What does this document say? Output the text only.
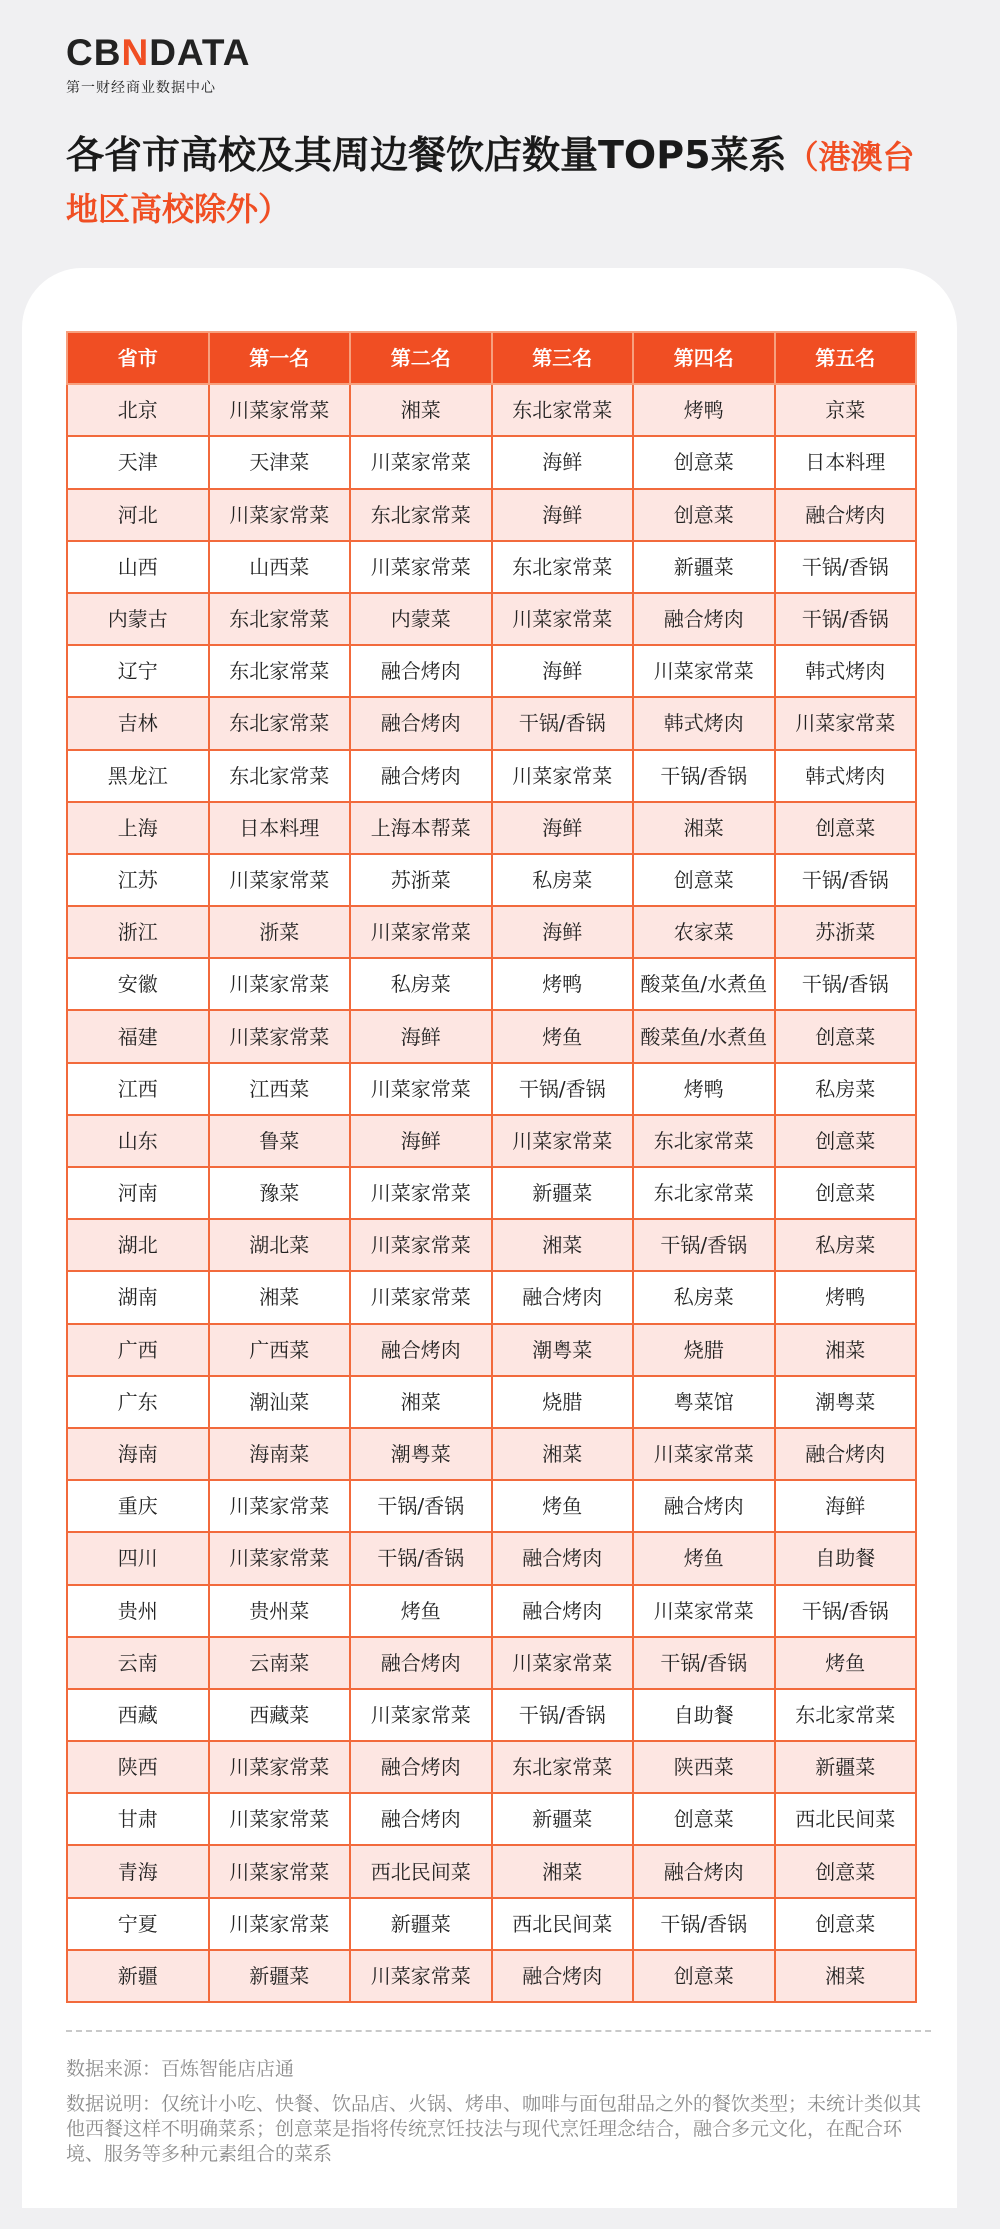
CBNDATA
第一财经商业数据中心
各省市高校及其周边餐饮店数量TOP5菜系（港澳台地区高校除外）
省市	第一名	第二名	第三名	第四名	第五名
北京	川菜家常菜	湘菜	东北家常菜	烤鸭	京菜
天津	天津菜	川菜家常菜	海鲜	创意菜	日本料理
河北	川菜家常菜	东北家常菜	海鲜	创意菜	融合烤肉
山西	山西菜	川菜家常菜	东北家常菜	新疆菜	干锅/香锅
内蒙古	东北家常菜	内蒙菜	川菜家常菜	融合烤肉	干锅/香锅
辽宁	东北家常菜	融合烤肉	海鲜	川菜家常菜	韩式烤肉
吉林	东北家常菜	融合烤肉	干锅/香锅	韩式烤肉	川菜家常菜
黑龙江	东北家常菜	融合烤肉	川菜家常菜	干锅/香锅	韩式烤肉
上海	日本料理	上海本帮菜	海鲜	湘菜	创意菜
江苏	川菜家常菜	苏浙菜	私房菜	创意菜	干锅/香锅
浙江	浙菜	川菜家常菜	海鲜	农家菜	苏浙菜
安徽	川菜家常菜	私房菜	烤鸭	酸菜鱼/水煮鱼	干锅/香锅
福建	川菜家常菜	海鲜	烤鱼	酸菜鱼/水煮鱼	创意菜
江西	江西菜	川菜家常菜	干锅/香锅	烤鸭	私房菜
山东	鲁菜	海鲜	川菜家常菜	东北家常菜	创意菜
河南	豫菜	川菜家常菜	新疆菜	东北家常菜	创意菜
湖北	湖北菜	川菜家常菜	湘菜	干锅/香锅	私房菜
湖南	湘菜	川菜家常菜	融合烤肉	私房菜	烤鸭
广西	广西菜	融合烤肉	潮粤菜	烧腊	湘菜
广东	潮汕菜	湘菜	烧腊	粤菜馆	潮粤菜
海南	海南菜	潮粤菜	湘菜	川菜家常菜	融合烤肉
重庆	川菜家常菜	干锅/香锅	烤鱼	融合烤肉	海鲜
四川	川菜家常菜	干锅/香锅	融合烤肉	烤鱼	自助餐
贵州	贵州菜	烤鱼	融合烤肉	川菜家常菜	干锅/香锅
云南	云南菜	融合烤肉	川菜家常菜	干锅/香锅	烤鱼
西藏	西藏菜	川菜家常菜	干锅/香锅	自助餐	东北家常菜
陕西	川菜家常菜	融合烤肉	东北家常菜	陕西菜	新疆菜
甘肃	川菜家常菜	融合烤肉	新疆菜	创意菜	西北民间菜
青海	川菜家常菜	西北民间菜	湘菜	融合烤肉	创意菜
宁夏	川菜家常菜	新疆菜	西北民间菜	干锅/香锅	创意菜
新疆	新疆菜	川菜家常菜	融合烤肉	创意菜	湘菜
数据来源：百炼智能店店通
数据说明：仅统计小吃、快餐、饮品店、火锅、烤串、咖啡与面包甜品之外的餐饮类型；未统计类似其他西餐这样不明确菜系；创意菜是指将传统烹饪技法与现代烹饪理念结合，融合多元文化，在配合环境、服务等多种元素组合的菜系
